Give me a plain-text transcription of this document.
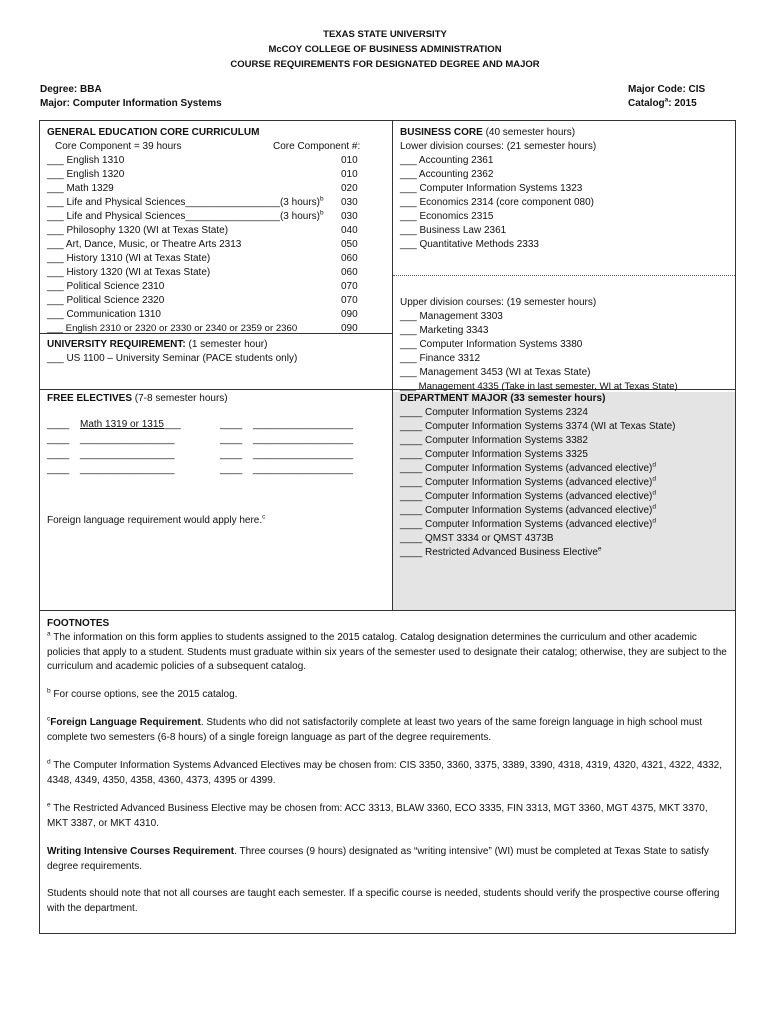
TEXAS STATE UNIVERSITY
McCOY COLLEGE OF BUSINESS ADMINISTRATION
COURSE REQUIREMENTS FOR DESIGNATED DEGREE AND MAJOR
Degree: BBA
Major: Computer Information Systems
Major Code: CIS
Catalog$^a$: 2015
GENERAL EDUCATION CORE CURRICULUM
Core Component = 39 hours	Core Component #:
___ English 1310	010
___ English 1320	010
___ Math 1329	020
___ Life and Physical Sciences_________________(3 hours)$^b$ 030
___ Life and Physical Sciences_________________(3 hours)$^b$ 030
___ Philosophy 1320 (WI at Texas State)	040
___ Art, Dance, Music, or Theatre Arts 2313	050
___ History 1310 (WI at Texas State)	060
___ History 1320 (WI at Texas State)	060
___ Political Science 2310	070
___ Political Science 2320	070
___ Communication 1310	090
___ English 2310 or 2320 or 2330 or 2340 or 2359 or 2360	090
UNIVERSITY REQUIREMENT: (1 semester hour)
___ US 1100 – University Seminar (PACE students only)
BUSINESS CORE (40 semester hours)
Lower division courses: (21 semester hours)
___ Accounting 2361
___ Accounting 2362
___ Computer Information Systems 1323
___ Economics 2314 (core component 080)
___ Economics 2315
___ Business Law 2361
___ Quantitative Methods 2333
Upper division courses: (19 semester hours)
___ Management 3303
___ Marketing 3343
___ Computer Information Systems 3380
___ Finance 3312
___ Management 3453 (WI at Texas State)
___ Management 4335 (Take in last semester, WI at Texas State)
FREE ELECTIVES (7-8 semester hours)
____ Math 1319 or 1315___	____ __________________
____ _________________	____ __________________
____ _________________	____ __________________
____ _________________	____ __________________
Foreign language requirement would apply here.$^c$
DEPARTMENT MAJOR (33 semester hours)
____ Computer Information Systems 2324
____ Computer Information Systems 3374 (WI at Texas State)
____ Computer Information Systems 3382
____ Computer Information Systems 3325
____ Computer Information Systems (advanced elective)$^d$
____ Computer Information Systems (advanced elective)$^d$
____ Computer Information Systems (advanced elective)$^d$
____ Computer Information Systems (advanced elective)$^d$
____ Computer Information Systems (advanced elective)$^d$
____ QMST 3334 or QMST 4373B
____ Restricted Advanced Business Elective$^e$
FOOTNOTES
$^a$ The information on this form applies to students assigned to the 2015 catalog. Catalog designation determines the curriculum and other academic policies that apply to a student. Students must graduate within six years of the semester used to designate their catalog; otherwise, they are subject to the curriculum and academic policies of a subsequent catalog.
$^b$ For course options, see the 2015 catalog.
$^c$Foreign Language Requirement. Students who did not satisfactorily complete at least two years of the same foreign language in high school must complete two semesters (6-8 hours) of a single foreign language as part of the degree requirements.
$^d$ The Computer Information Systems Advanced Electives may be chosen from: CIS 3350, 3360, 3375, 3389, 3390, 4318, 4319, 4320, 4321, 4322, 4332, 4348, 4349, 4350, 4358, 4360, 4373, 4395 or 4399.
$^e$ The Restricted Advanced Business Elective may be chosen from: ACC 3313, BLAW 3360, ECO 3335, FIN 3313, MGT 3360, MGT 4375, MKT 3370, MKT 3387, or MKT 4310.
Writing Intensive Courses Requirement. Three courses (9 hours) designated as “writing intensive” (WI) must be completed at Texas State to satisfy degree requirements.
Students should note that not all courses are taught each semester. If a specific course is needed, students should verify the prospective course offering with the department.
